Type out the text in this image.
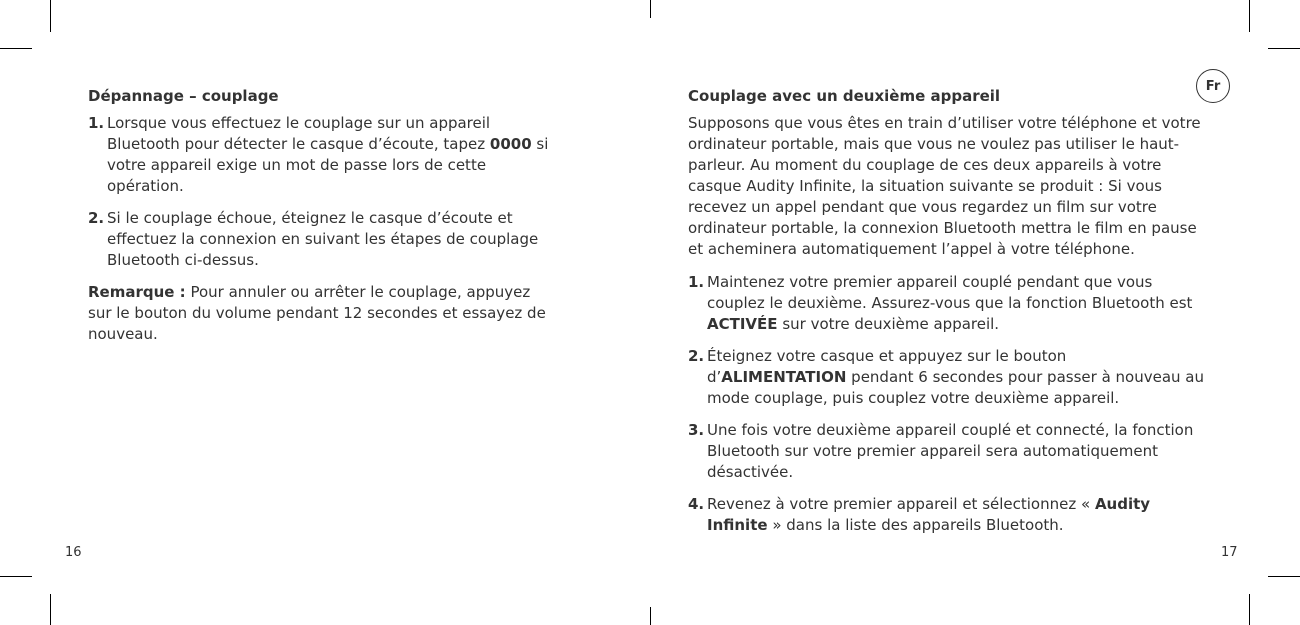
Fr
16	17
Dépannage – couplage
1. Lorsque vous effectuez le couplage sur un appareil Bluetooth pour détecter le casque d’écoute, tapez 0000 si votre appareil exige un mot de passe lors de cette opération.
2. Si le couplage échoue, éteignez le casque d’écoute et effectuez la connexion en suivant les étapes de couplage Bluetooth ci-dessus.
Remarque : Pour annuler ou arrêter le couplage, appuyez sur le bouton du volume pendant 12 secondes et essayez de nouveau.
Couplage avec un deuxième appareil
Supposons que vous êtes en train d’utiliser votre téléphone et votre ordinateur portable, mais que vous ne voulez pas utiliser le haut-parleur. Au moment du couplage de ces deux appareils à votre casque Audity Infinite, la situation suivante se produit : Si vous recevez un appel pendant que vous regardez un film sur votre ordinateur portable, la connexion Bluetooth mettra le film en pause et acheminera automatiquement l’appel à votre téléphone.
1. Maintenez votre premier appareil couplé pendant que vous couplez le deuxième. Assurez-vous que la fonction Bluetooth est ACTIVÉE sur votre deuxième appareil.
2. Éteignez votre casque et appuyez sur le bouton d’ALIMENTATION pendant 6 secondes pour passer à nouveau au mode couplage, puis couplez votre deuxième appareil.
3. Une fois votre deuxième appareil couplé et connecté, la fonction Bluetooth sur votre premier appareil sera automatiquement désactivée.
4. Revenez à votre premier appareil et sélectionnez « Audity Infinite » dans la liste des appareils Bluetooth.
